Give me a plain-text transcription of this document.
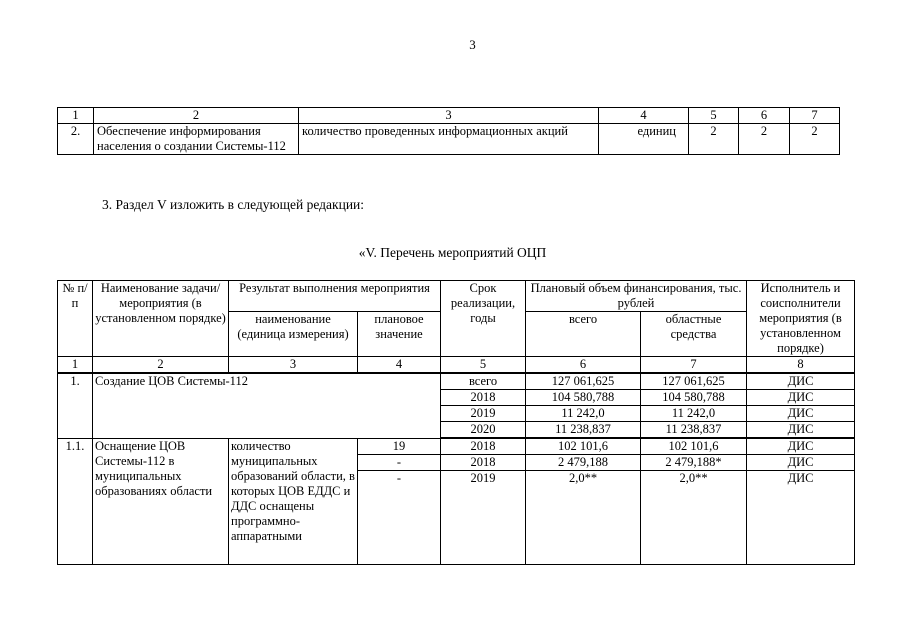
3
1	2	3	4	5	6	7
2.	Обеспечение информирования населения о создании Системы-112	количество проведенных информационных акций	единиц	2	2	2
3. Раздел V изложить в следующей редакции:
«V. Перечень мероприятий ОЦП
№ п/п	Наименование задачи/мероприятия (в установленном порядке)	Результат выполнения мероприятия		Срок реализации, годы	Плановый объем финансирования, тыс. рублей		Исполнитель и соисполнители мероприятия (в установленном порядке)
		наименование (единица измерения)	плановое значение		всего	областные средства	

1	2	3	4	5	6	7	8
1.	Создание ЦОВ Системы-112			всего	127 061,625	127 061,625	ДИС
				2018	104 580,788	104 580,788	ДИС
				2019	11 242,0	11 242,0	ДИС
				2020	11 238,837	11 238,837	ДИС
1.1.	Оснащение ЦОВ Системы-112 в муниципальных образованиях области	количество муниципальных образований области, в которых ЦОВ ЕДДС и ДДС оснащены программно-аппаратными	19	2018	102 101,6	102 101,6	ДИС
			-	2018	2 479,188	2 479,188*	ДИС
			-	2019	2,0**	2,0**	ДИС
